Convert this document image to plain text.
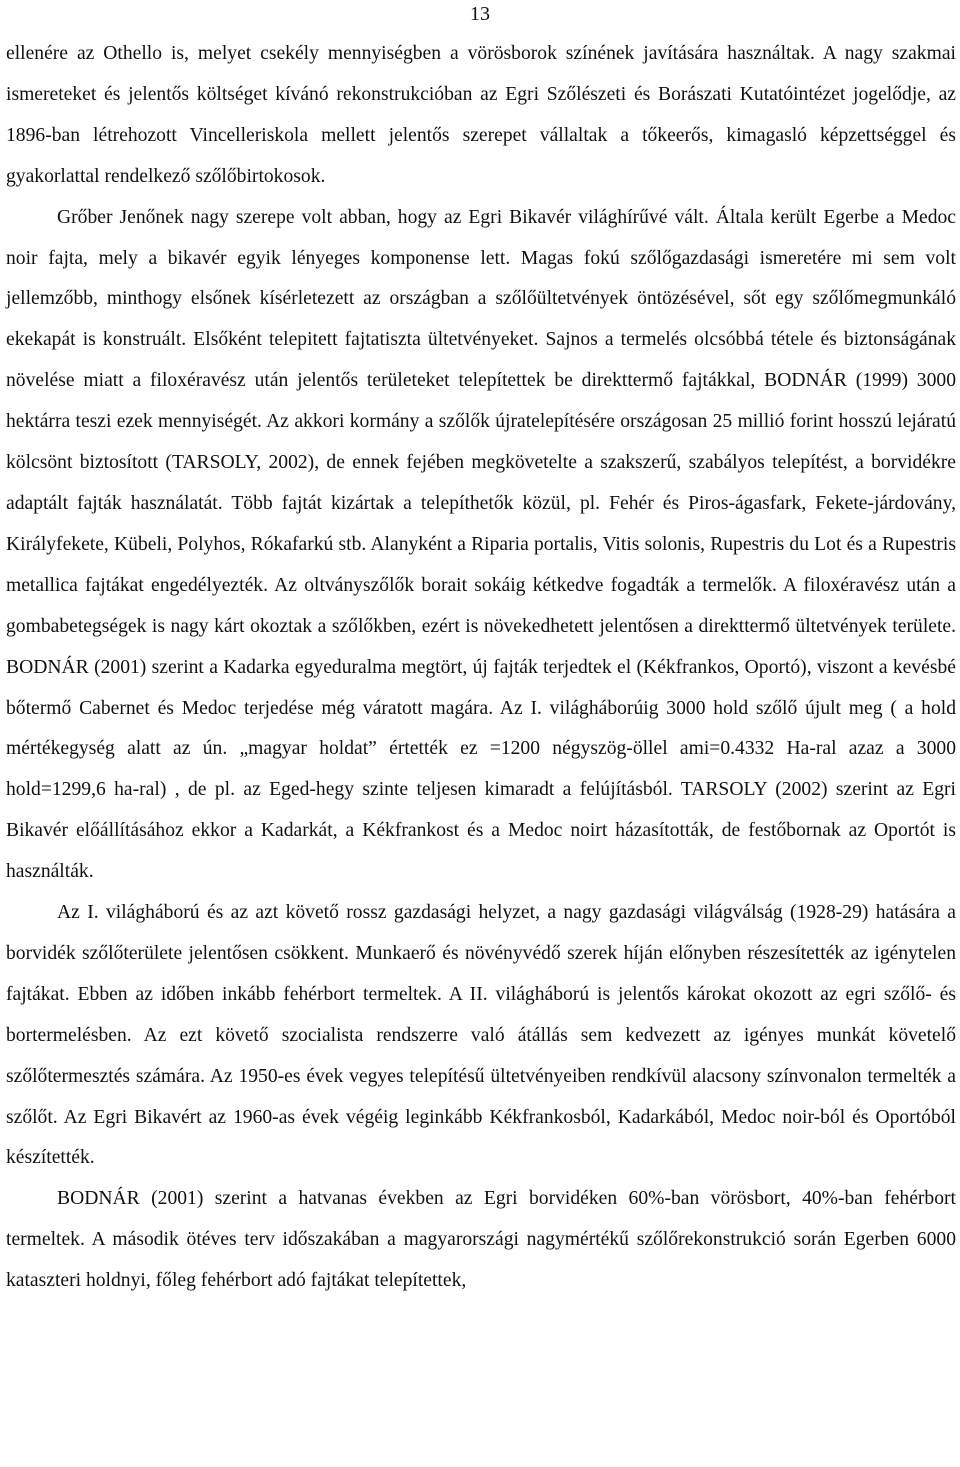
13

ellenére az Othello is, melyet csekély mennyiségben a vörösborok színének javítására használtak. A nagy szakmai ismereteket és jelentős költséget kívánó rekonstrukcióban az Egri Szőlészeti és Borászati Kutatóintézet jogelődje, az 1896-ban létrehozott Vincelleriskola mellett jelentős szerepet vállaltak a tőkeerős, kimagasló képzettséggel és gyakorlattal rendelkező szőlőbirtokosok.

Grőber Jenőnek nagy szerepe volt abban, hogy az Egri Bikavér világhírűvé vált. Általa került Egerbe a Medoc noir fajta, mely a bikavér egyik lényeges komponense lett. Magas fokú szőlőgazdasági ismeretére mi sem volt jellemzőbb, minthogy elsőnek kísérletezett az országban a szőlőültetvények öntözésével, sőt egy szőlőmegmunkáló ekekapát is konstruált. Elsőként telepitett fajtatiszta ültetvényeket. Sajnos a termelés olcsóbbá tétele és biztonságának növelése miatt a filoxéravész után jelentős területeket telepítettek be direkttermő fajtákkal, BODNÁR (1999) 3000 hektárra teszi ezek mennyiségét. Az akkori kormány a szőlők újratelepítésére országosan 25 millió forint hosszú lejáratú kölcsönt biztosított (TARSOLY, 2002), de ennek fejében megkövetelte a szakszerű, szabályos telepítést, a borvidékre adaptált fajták használatát. Több fajtát kizártak a telepíthetők közül, pl. Fehér és Piros-ágasfark, Fekete-járdovány, Királyfekete, Kübeli, Polyhos, Rókafarkú stb. Alanyként a Riparia portalis, Vitis solonis, Rupestris du Lot és a Rupestris metallica fajtákat engedélyezték. Az oltványszőlők borait sokáig kétkedve fogadták a termelők. A filoxéravész után a gombabetegségek is nagy kárt okoztak a szőlőkben, ezért is növekedhetett jelentősen a direkttermő ültetvények területe. BODNÁR (2001) szerint a Kadarka egyeduralma megtört, új fajták terjedtek el (Kékfrankos, Oportó), viszont a kevésbé bőtermő Cabernet és Medoc terjedése még váratott magára. Az I. világháborúig 3000 hold szőlő újult meg ( a hold mértékegység alatt az ún. „magyar holdat” értették ez =1200 négyszög-öllel ami=0.4332 Ha-ral azaz a 3000 hold=1299,6 ha-ral) , de pl. az Eged-hegy szinte teljesen kimaradt a felújításból. TARSOLY (2002) szerint az Egri Bikavér előállításához ekkor a Kadarkát, a Kékfrankost és a Medoc noirt házasították, de festőbornak az Oportót is használták.

Az I. világháború és az azt követő rossz gazdasági helyzet, a nagy gazdasági világválság (1928-29) hatására a borvidék szőlőterülete jelentősen csökkent. Munkaerő és növényvédő szerek híján előnyben részesítették az igénytelen fajtákat. Ebben az időben inkább fehérbort termeltek. A II. világháború is jelentős károkat okozott az egri szőlő- és bortermelésben. Az ezt követő szocialista rendszerre való átállás sem kedvezett az igényes munkát követelő szőlőtermesztés számára. Az 1950-es évek vegyes telepítésű ültetvényeiben rendkívül alacsony színvonalon termelték a szőlőt. Az Egri Bikavért az 1960-as évek végéig leginkább Kékfrankosból, Kadarkából, Medoc noir-ból és Oportóból készítették.

BODNÁR (2001) szerint a hatvanas években az Egri borvidéken 60%-ban vörösbort, 40%-ban fehérbort termeltek. A második ötéves terv időszakában a magyarországi nagymértékű szőlőrekonstrukció során Egerben 6000 kataszteri holdnyi, főleg fehérbort adó fajtákat telepítettek,
